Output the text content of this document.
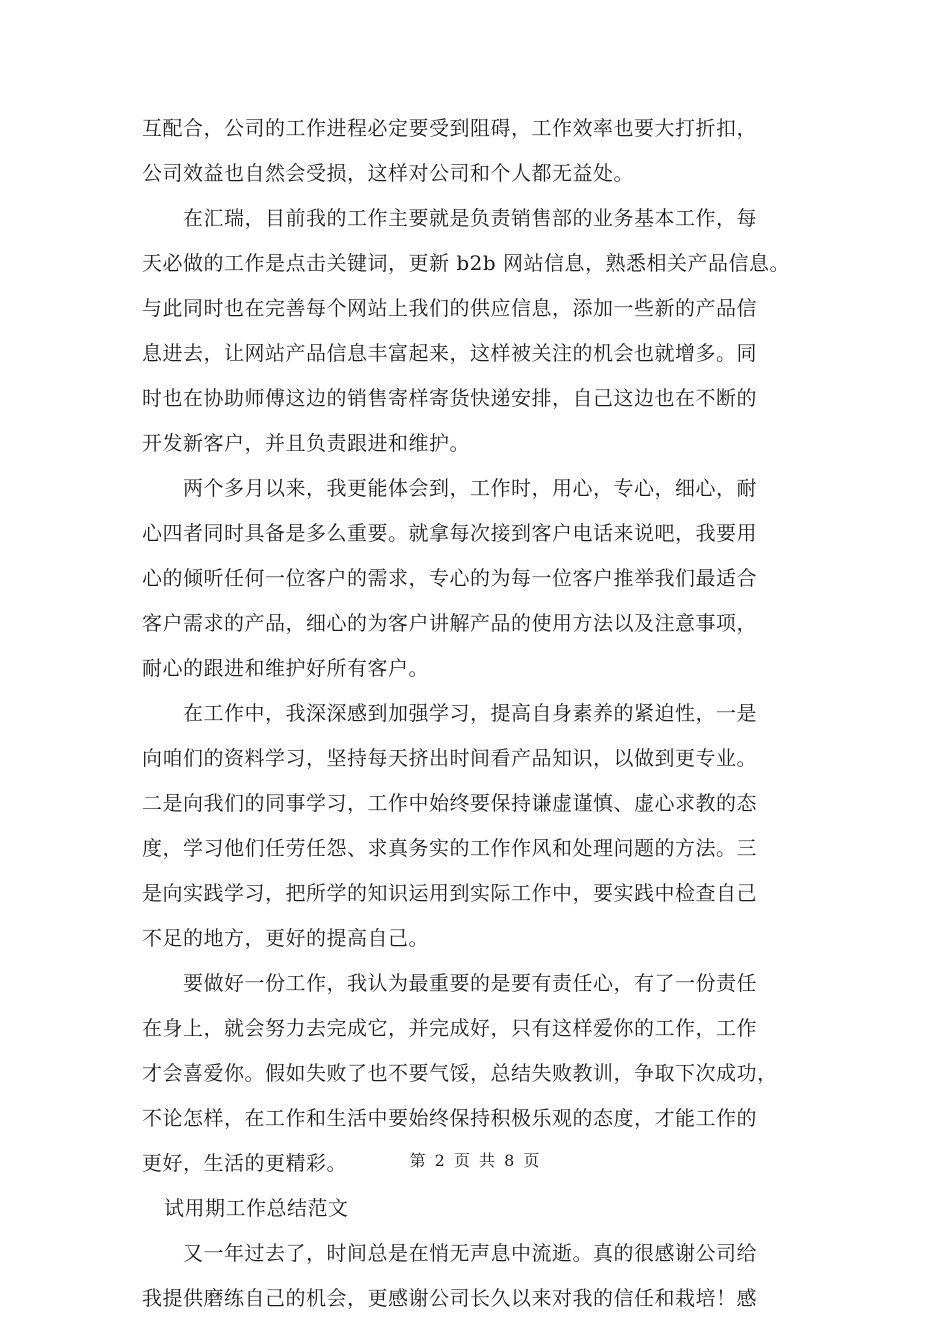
互配合，公司的工作进程必定要受到阻碍，工作效率也要大打折扣，
公司效益也自然会受损，这样对公司和个人都无益处。
　　在汇瑞，目前我的工作主要就是负责销售部的业务基本工作，每
天必做的工作是点击关键词，更新 b2b 网站信息，熟悉相关产品信息。
与此同时也在完善每个网站上我们的供应信息，添加一些新的产品信
息进去，让网站产品信息丰富起来，这样被关注的机会也就增多。同
时也在协助师傅这边的销售寄样寄货快递安排，自己这边也在不断的
开发新客户，并且负责跟进和维护。
　　两个多月以来，我更能体会到，工作时，用心，专心，细心，耐
心四者同时具备是多么重要。就拿每次接到客户电话来说吧，我要用
心的倾听任何一位客户的需求，专心的为每一位客户推举我们最适合
客户需求的产品，细心的为客户讲解产品的使用方法以及注意事项，
耐心的跟进和维护好所有客户。
　　在工作中，我深深感到加强学习，提高自身素养的紧迫性，一是
向咱们的资料学习，坚持每天挤出时间看产品知识，以做到更专业。
二是向我们的同事学习，工作中始终要保持谦虚谨慎、虚心求教的态
度，学习他们任劳任怨、求真务实的工作作风和处理问题的方法。三
是向实践学习，把所学的知识运用到实际工作中，要实践中检查自己
不足的地方，更好的提高自己。
　　要做好一份工作，我认为最重要的是要有责任心，有了一份责任
在身上，就会努力去完成它，并完成好，只有这样爱你的工作，工作
才会喜爱你。假如失败了也不要气馁，总结失败教训，争取下次成功，
不论怎样，在工作和生活中要始终保持积极乐观的态度，才能工作的
更好，生活的更精彩。
试用期工作总结范文
　　又一年过去了，时间总是在悄无声息中流逝。真的很感谢公司给
我提供磨练自己的机会，更感谢公司长久以来对我的信任和栽培！感
第 2 页 共 8 页
